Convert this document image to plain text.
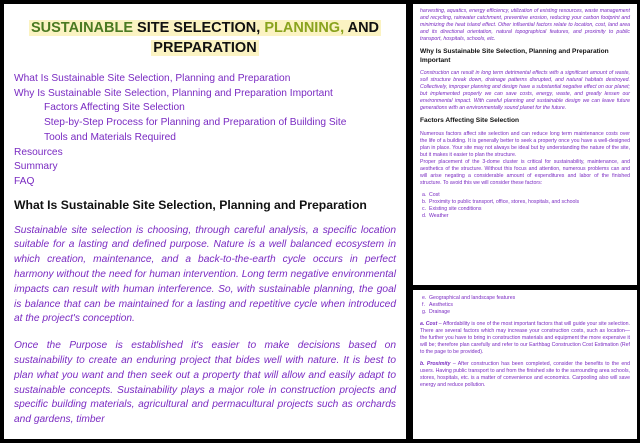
SUSTAINABLE SITE SELECTION, PLANNING, AND
PREPARATION
What Is Sustainable Site Selection, Planning and Preparation
Why Is Sustainable Site Selection, Planning and Preparation Important
Factors Affecting Site Selection
Step-by-Step Process for Planning and Preparation of Building Site
Tools and Materials Required
Resources
Summary
FAQ
What Is Sustainable Site Selection, Planning and Preparation

Sustainable site selection is choosing, through careful analysis, a specific location suitable for a lasting and defined purpose. Nature is a well balanced ecosystem in which creation, maintenance, and a back-to-the-earth cycle occurs in perfect harmony without the need for human intervention. Long term negative environmental impacts can result with human interference. So, with sustainable planning, the goal is balance that can be maintained for a lasting and repetitive cycle when introduced at the project's conception.

Once the Purpose is established it's easier to make decisions based on sustainability to create an enduring project that bides well with nature. It is best to plan what you want and then seek out a property that will allow and easily adapt to sustainable concepts. Sustainability plays a major role in construction projects and specific building materials, agricultural and permacultural projects such as orchards and gardens, timber

harvesting, aquatics, energy efficiency, utilization of existing resources, waste management and recycling, rainwater catchment, preventive erosion, reducing your carbon footprint and minimizing the heat island effect. Other influential factors relate to location, cost, land area and its directional orientation, natural topographical features, and proximity to public transport, hospitals, schools, etc.

Why Is Sustainable Site Selection, Planning and Preparation Important

Construction can result in long term detrimental effects with a significant amount of waste, soil structure break down, drainage patterns disrupted, and natural habitats destroyed. Collectively, improper planning and design have a substantial negative effect on our planet; but implemented properly we can save costs, energy, waste, and greatly lessen our environmental impact. With careful planning and sustainable design we can leave future generations with an environmentally sound planet for the future.

Factors Affecting Site Selection

Numerous factors affect site selection and can reduce long term maintenance costs over the life of a building. It is generally better to seek a property once you have a well-designed plan in place. Your site may not always be ideal but by understanding the nature of the site, but it makes it easier to plan the structure.

Proper placement of the 3-dome cluster is critical for sustainability, maintenance, and aesthetics of the structure. Without this focus and attention, numerous problems can and will arise negating a considerable amount of expenditures and labor of the finished structure. To avoid this we will consider these factors:

a. Cost
b. Proximity to public transport, office, stores, hospitals, and schools
c. Existing site conditions
d. Weather
e. Geographical and landscape features
f. Aesthetics
g. Drainage

a. Cost – Affordability is one of the most important factors that will guide your site selection. There are several factors which may increase your construction costs, such as location—the further you have to bring in construction materials and equipment the more expensive it will be; therefore plan carefully and refer to our Earthbag Construction Cost Estimation (Ref to the page to be provided).

b. Proximity – After construction has been completed, consider the benefits to the end users. Having public transport to and from the finished site to the surrounding area schools, stores, hospitals, etc. is a matter of convenience and economics. Carpooling also will save energy and reduce pollution.
